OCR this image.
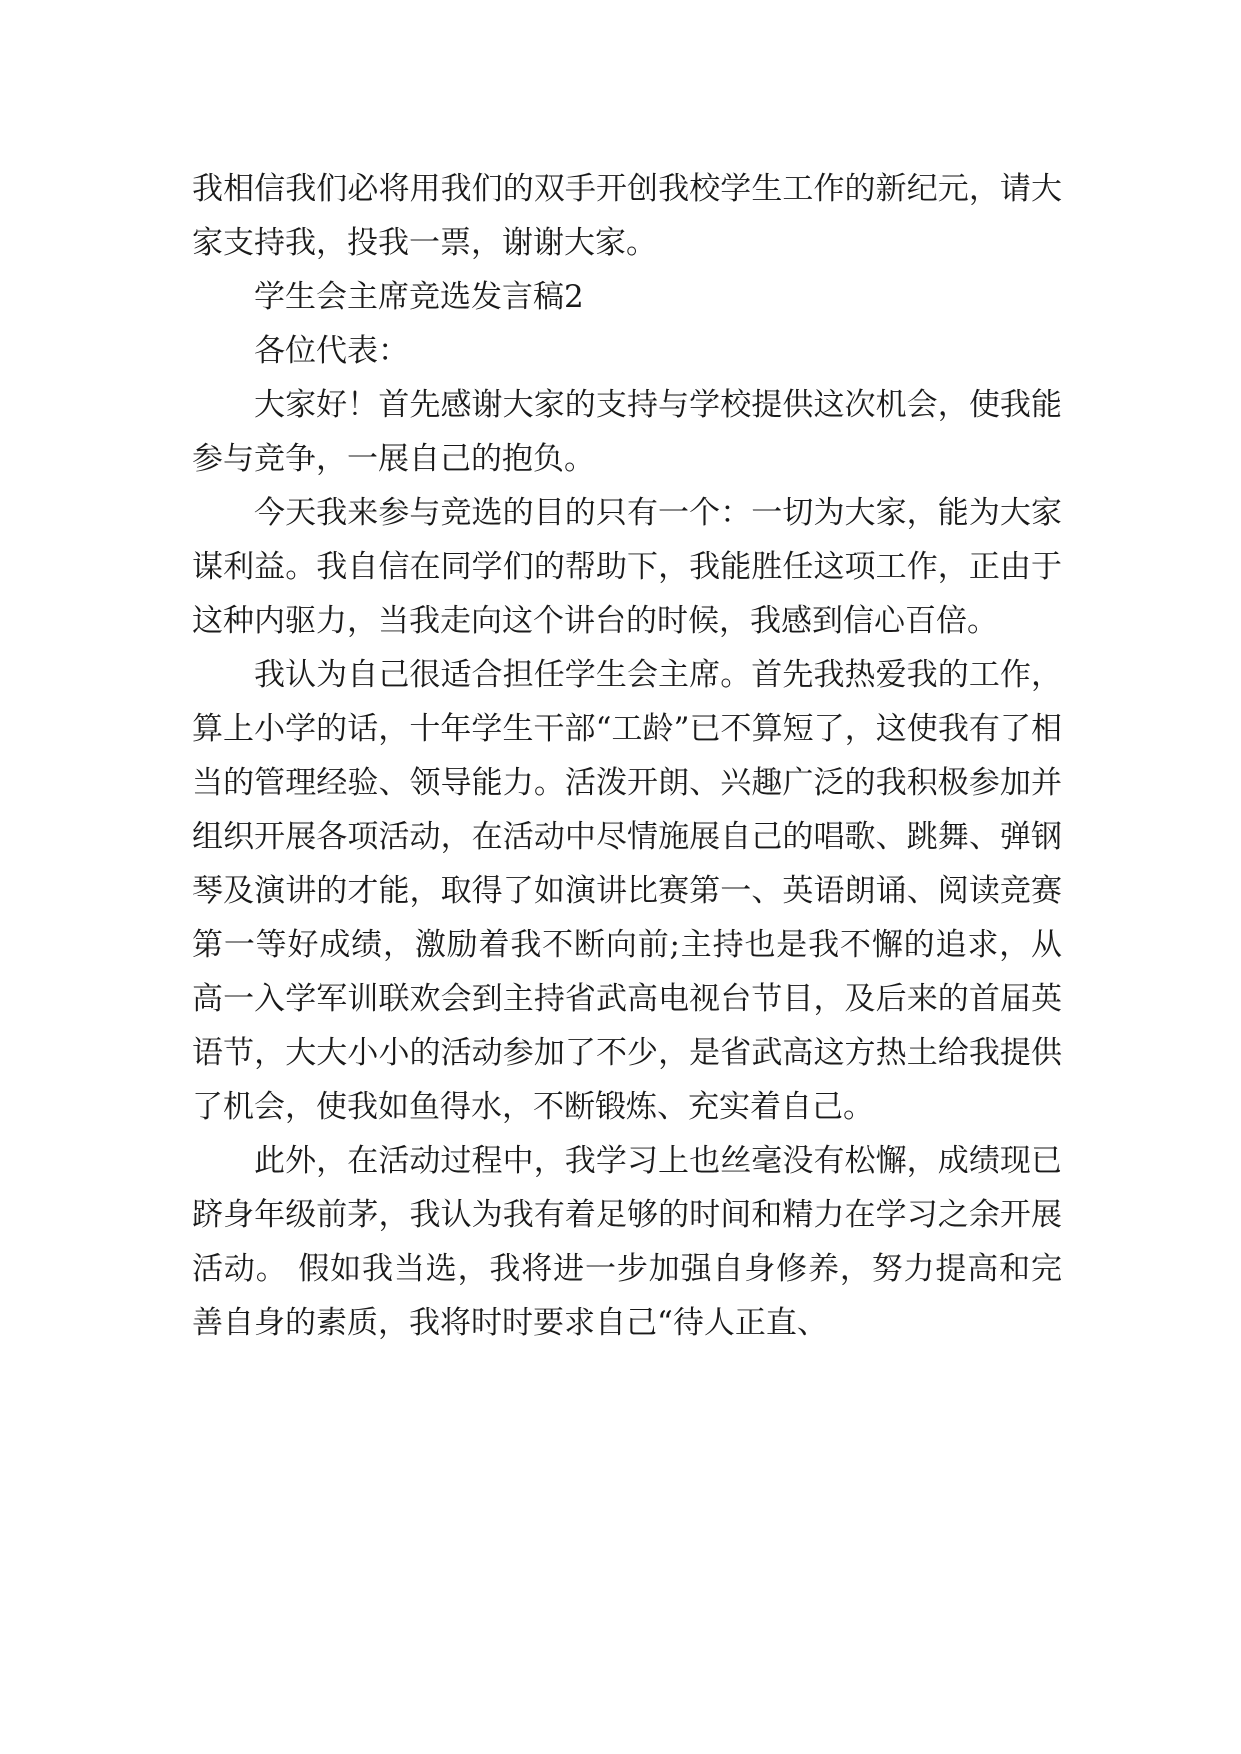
我相信我们必将用我们的双手开创我校学生工作的新纪元，请大家支持我，投我一票，谢谢大家。

学生会主席竞选发言稿2

各位代表：

大家好！首先感谢大家的支持与学校提供这次机会，使我能参与竞争，一展自己的抱负。

今天我来参与竞选的目的只有一个：一切为大家，能为大家谋利益。我自信在同学们的帮助下，我能胜任这项工作，正由于这种内驱力，当我走向这个讲台的时候，我感到信心百倍。

我认为自己很适合担任学生会主席。首先我热爱我的工作，算上小学的话，十年学生干部“工龄”已不算短了，这使我有了相当的管理经验、领导能力。活泼开朗、兴趣广泛的我积极参加并组织开展各项活动，在活动中尽情施展自己的唱歌、跳舞、弹钢琴及演讲的才能，取得了如演讲比赛第一、英语朗诵、阅读竞赛第一等好成绩，激励着我不断向前;主持也是我不懈的追求，从高一入学军训联欢会到主持省武高电视台节目，及后来的首届英语节，大大小小的活动参加了不少，是省武高这方热土给我提供了机会，使我如鱼得水，不断锻炼、充实着自己。

此外，在活动过程中，我学习上也丝毫没有松懈，成绩现已跻身年级前茅，我认为我有着足够的时间和精力在学习之余开展活动。 假如我当选，我将进一步加强自身修养，努力提高和完善自身的素质，我将时时要求自己“待人正直、
